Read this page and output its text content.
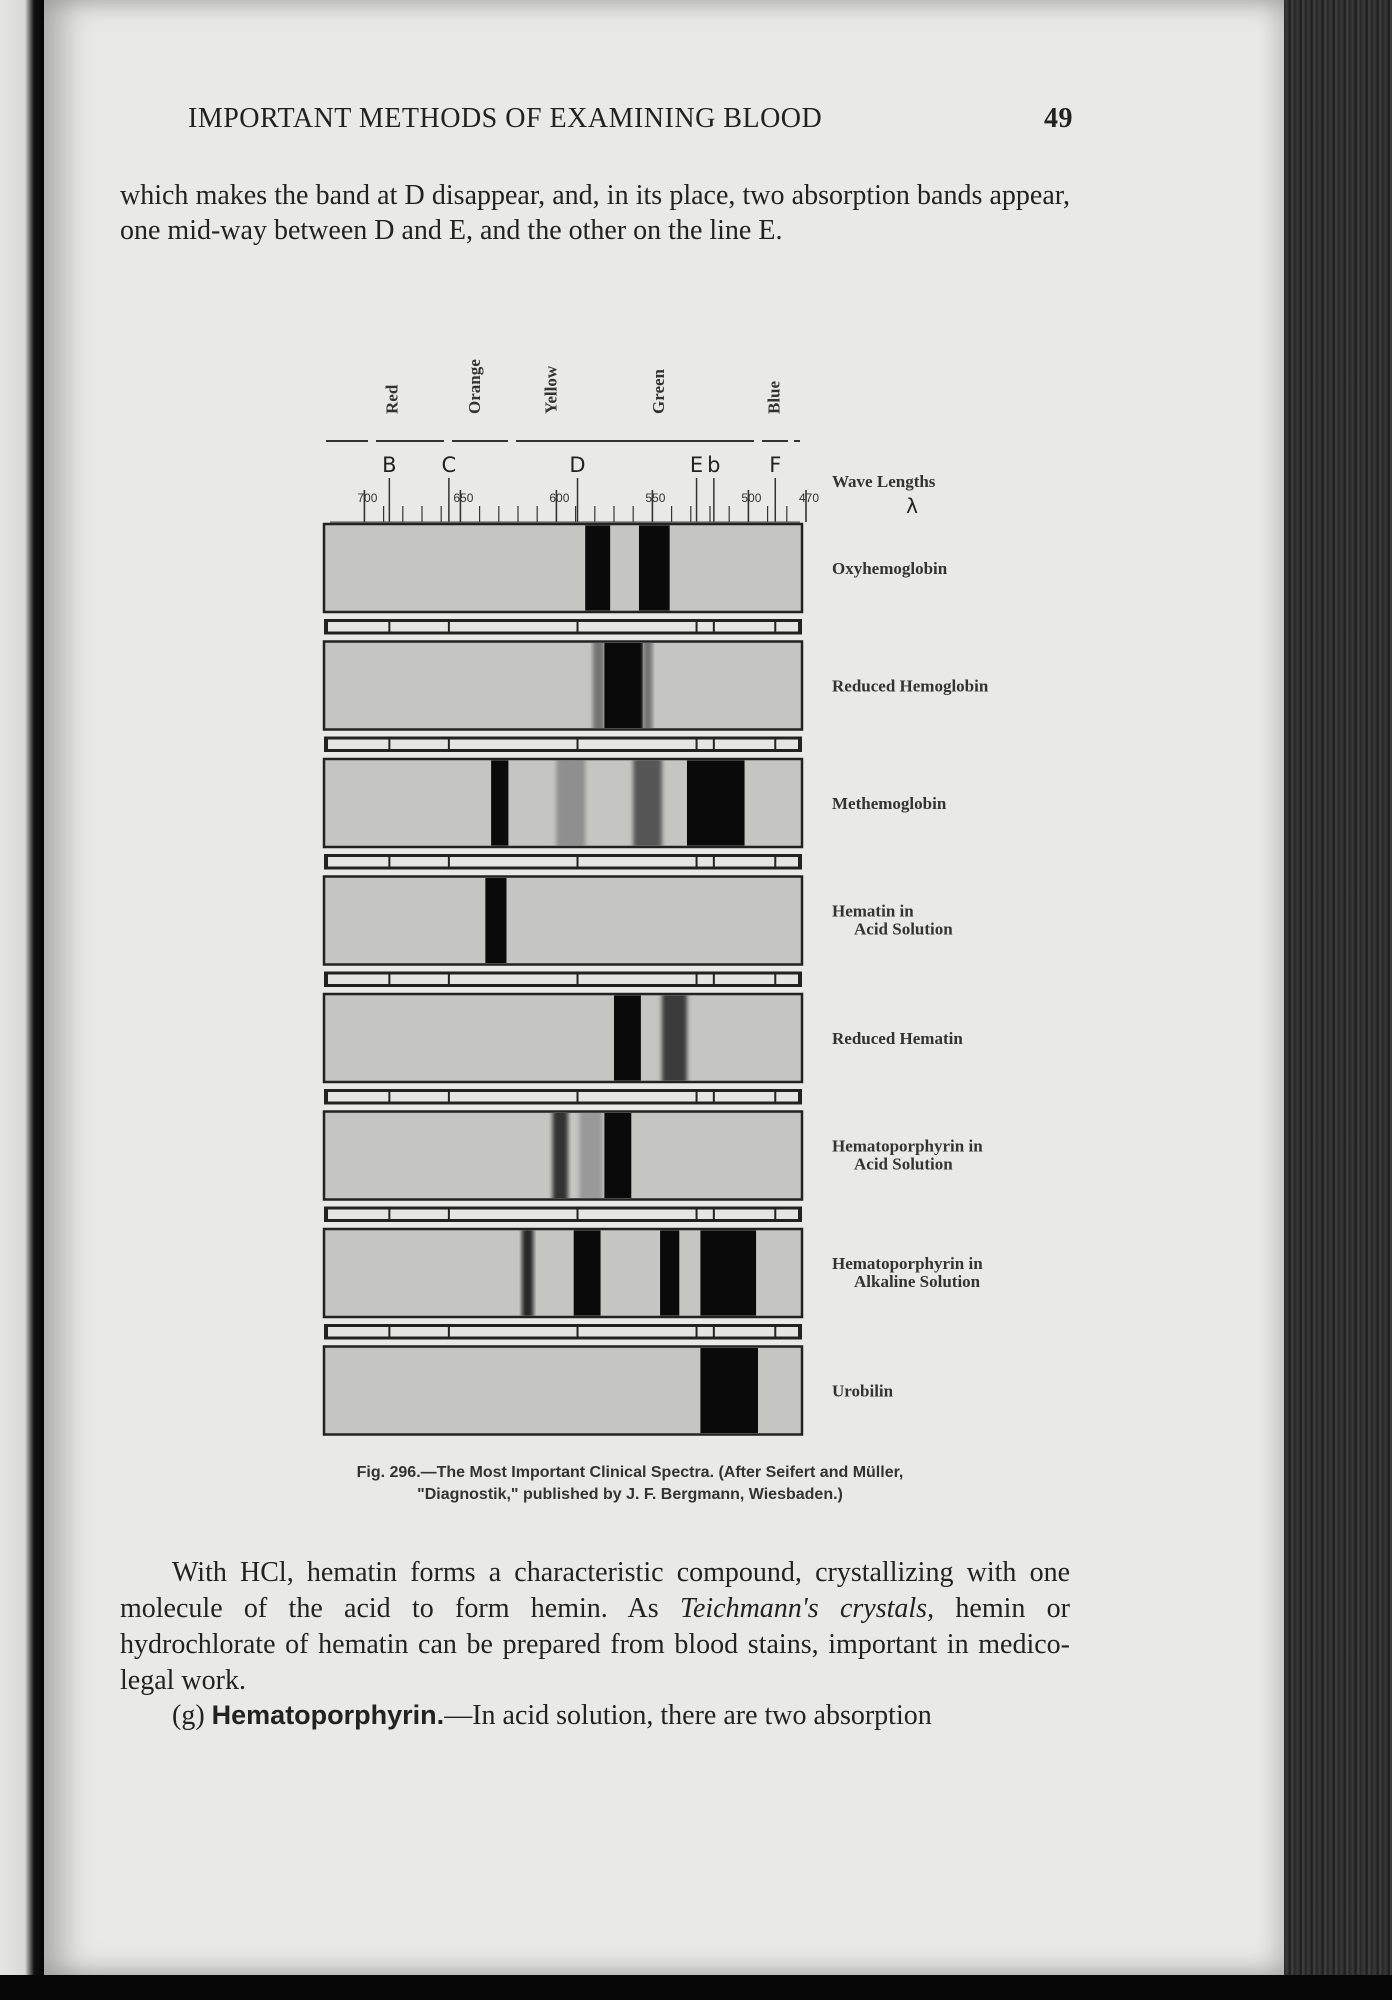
IMPORTANT METHODS OF EXAMINING BLOOD	49
which makes the band at D disappear, and, in its place, two absorption bands appear, one mid-way between D and E, and the other on the line E.
Red	Orange	Yellow	Green	Blue
B C	D	E b F
700	650	600	550	500	470
Wave Lengths
λ
Oxyhemoglobin
Reduced Hemoglobin
Methemoglobin
Hematin in Acid Solution
Reduced Hematin
Hematoporphyrin in Acid Solution
Hematoporphyrin in Alkaline Solution
Urobilin
Fig. 296.—The Most Important Clinical Spectra. (After Seifert and Müller,
"Diagnostik," published by J. F. Bergmann, Wiesbaden.)
With HCl, hematin forms a characteristic compound, crystallizing with one molecule of the acid to form hemin. As Teichmann's crystals, hemin or hydrochlorate of hematin can be prepared from blood stains, important in medico-legal work.
(g) Hematoporphyrin.—In acid solution, there are two absorption
